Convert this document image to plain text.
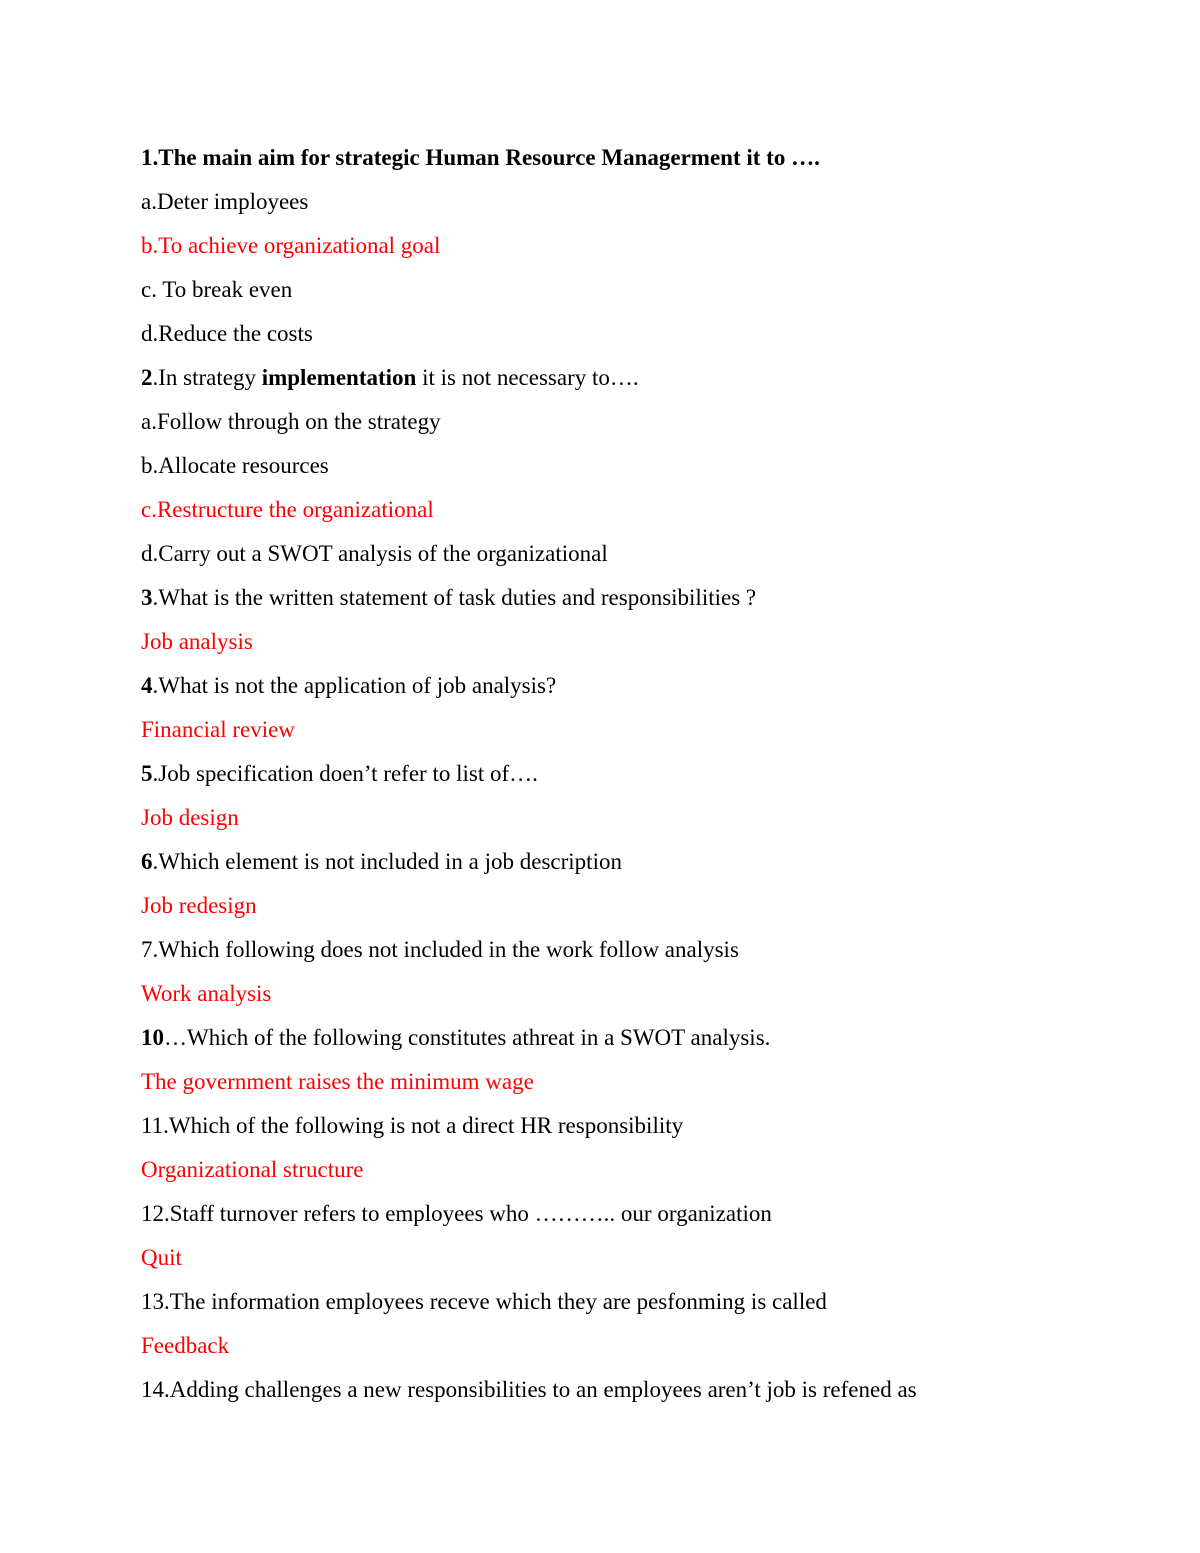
1.The main aim for strategic Human Resource Managerment it to ….
a.Deter imployees
b.To achieve organizational goal
c. To break even
d.Reduce the costs
2.In strategy implementation it is not necessary to….
a.Follow through on the strategy
b.Allocate resources
c.Restructure the organizational
d.Carry out a SWOT analysis of the organizational
3.What is the written statement of task duties and responsibilities ?
Job analysis
4.What is not the application of job analysis?
Financial review
5.Job specification doen’t refer to list of….
Job design
6.Which element is not included in a job description
Job redesign
7.Which following does not included in the work follow analysis
Work analysis
10…Which of the following constitutes athreat in a SWOT analysis.
The government raises the minimum wage
11.Which of the following is not a direct HR responsibility
Organizational structure
12.Staff turnover refers to employees who ……….. our organization
Quit
13.The information employees receve which they are pesfonming is called
Feedback
14.Adding challenges a new responsibilities to an employees aren’t job is refened as
